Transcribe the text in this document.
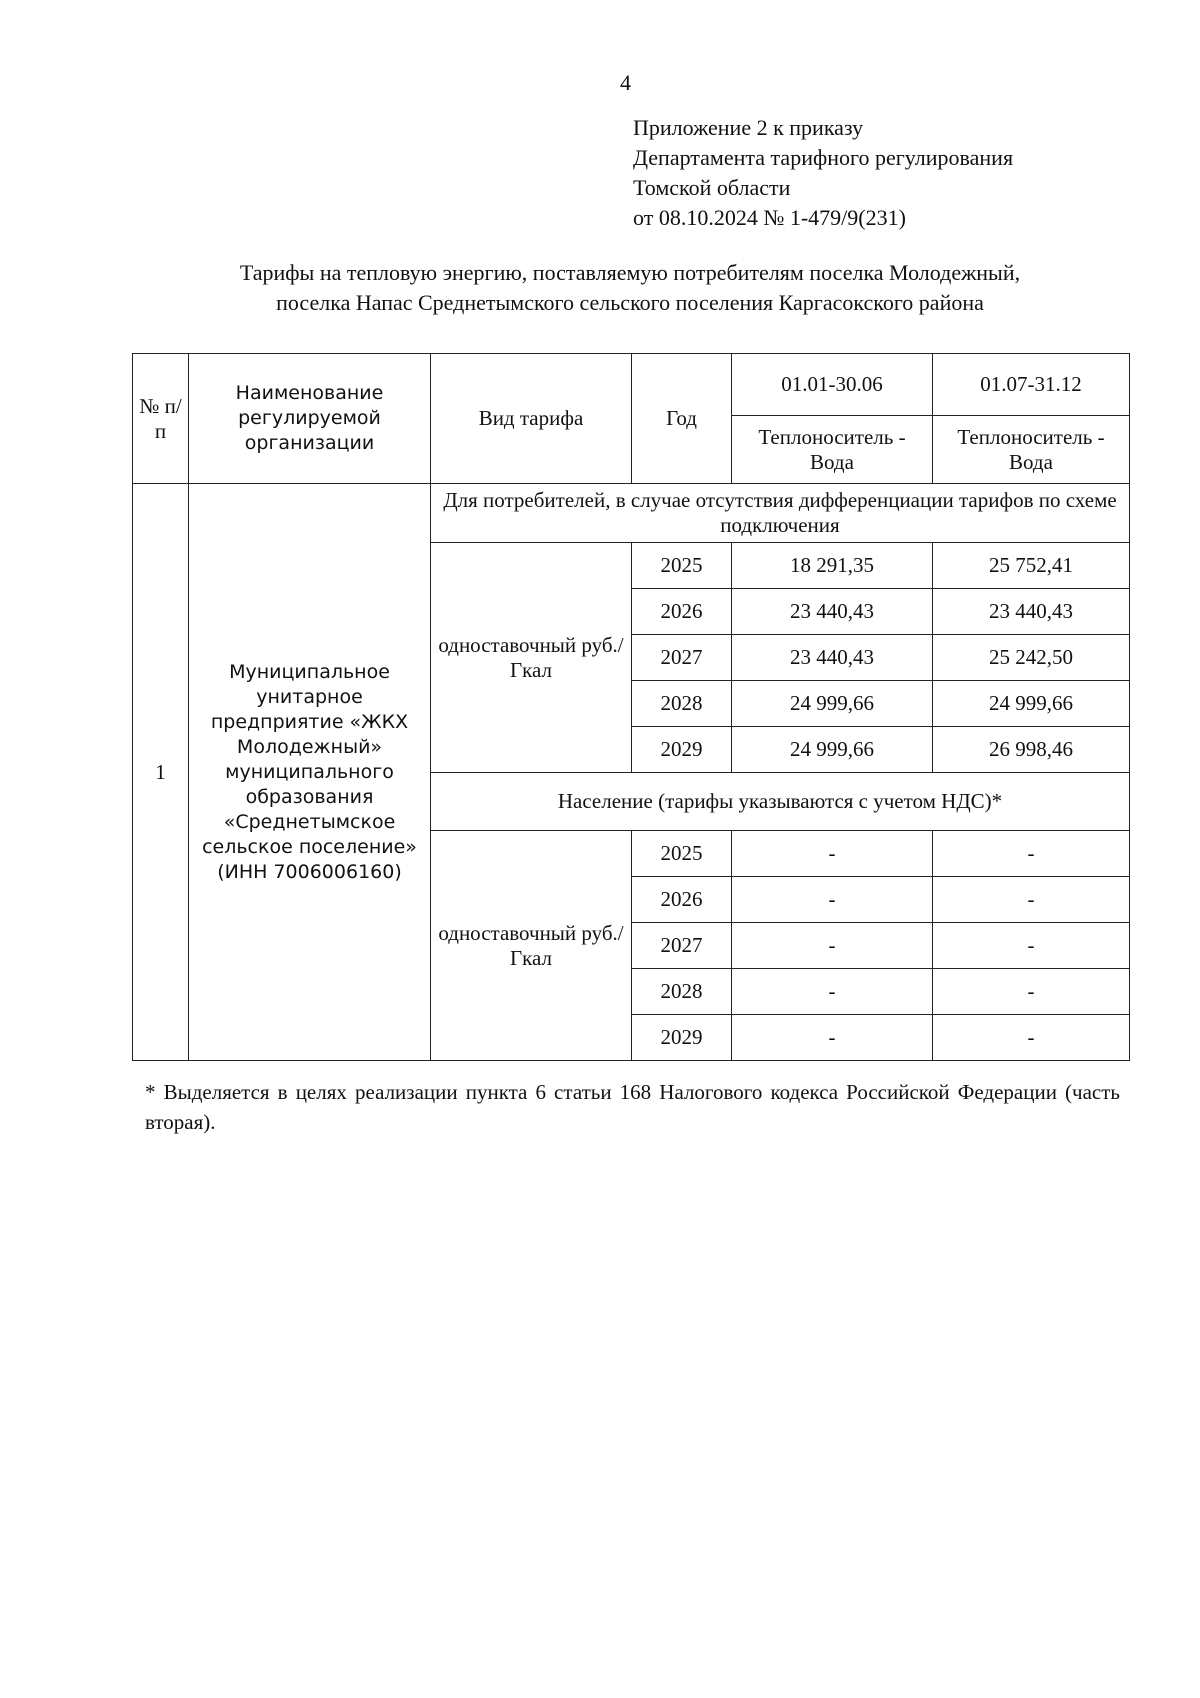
4
Приложение 2 к приказу
Департамента тарифного регулирования
Томской области
от 08.10.2024 № 1-479/9(231)
Тарифы на тепловую энергию, поставляемую потребителям поселка Молодежный,
поселка Напас Среднетымского сельского поселения Каргасокского района
№ п/п	Наименование регулируемой организации	Вид тарифа	Год	01.01-30.06	01.07-31.12
				Теплоноситель - Вода	Теплоноситель - Вода
1	Муниципальное унитарное предприятие «ЖКХ Молодежный» муниципального образования «Среднетымское сельское поселение» (ИНН 7006006160)	Для потребителей, в случае отсутствия дифференциации тарифов по схеме подключения			
		одноставочный руб./Гкал	2025	18 291,35	25 752,41
			2026	23 440,43	23 440,43
			2027	23 440,43	25 242,50
			2028	24 999,66	24 999,66
			2029	24 999,66	26 998,46
		Население (тарифы указываются с учетом НДС)*			
		одноставочный руб./Гкал	2025	-	-
			2026	-	-
			2027	-	-
			2028	-	-
			2029	-	-
* Выделяется в целях реализации пункта 6 статьи 168 Налогового кодекса Российской Федерации (часть вторая).
